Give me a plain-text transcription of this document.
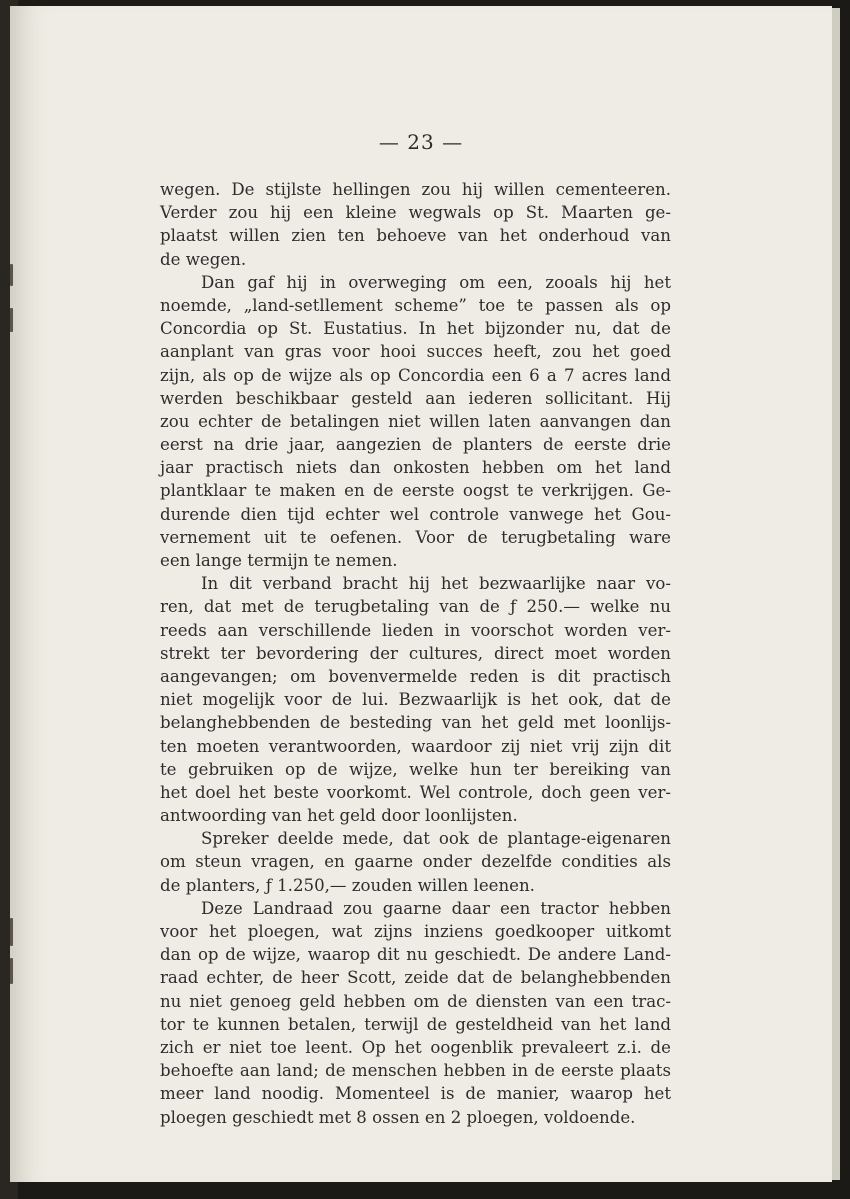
— 23 —
wegen. De stijlste hellingen zou hij willen cementeeren.
Verder zou hij een kleine wegwals op St. Maarten ge-
plaatst willen zien ten behoeve van het onderhoud van
de wegen.
Dan gaf hij in overweging om een, zooals hij het
noemde, „land-setllement scheme” toe te passen als op
Concordia op St. Eustatius. In het bijzonder nu, dat de
aanplant van gras voor hooi succes heeft, zou het goed
zijn, als op de wijze als op Concordia een 6 a 7 acres land
werden beschikbaar gesteld aan iederen sollicitant. Hij
zou echter de betalingen niet willen laten aanvangen dan
eerst na drie jaar, aangezien de planters de eerste drie
jaar practisch niets dan onkosten hebben om het land
plantklaar te maken en de eerste oogst te verkrijgen. Ge-
durende dien tijd echter wel controle vanwege het Gou-
vernement uit te oefenen. Voor de terugbetaling ware
een lange termijn te nemen.
In dit verband bracht hij het bezwaarlijke naar vo-
ren, dat met de terugbetaling van de ƒ 250.— welke nu
reeds aan verschillende lieden in voorschot worden ver-
strekt ter bevordering der cultures, direct moet worden
aangevangen; om bovenvermelde reden is dit practisch
niet mogelijk voor de lui. Bezwaarlijk is het ook, dat de
belanghebbenden de besteding van het geld met loonlijs-
ten moeten verantwoorden, waardoor zij niet vrij zijn dit
te gebruiken op de wijze, welke hun ter bereiking van
het doel het beste voorkomt. Wel controle, doch geen ver-
antwoording van het geld door loonlijsten.
Spreker deelde mede, dat ook de plantage-eigenaren
om steun vragen, en gaarne onder dezelfde condities als
de planters, ƒ 1.250,— zouden willen leenen.
Deze Landraad zou gaarne daar een tractor hebben
voor het ploegen, wat zijns inziens goedkooper uitkomt
dan op de wijze, waarop dit nu geschiedt. De andere Land-
raad echter, de heer Scott, zeide dat de belanghebbenden
nu niet genoeg geld hebben om de diensten van een trac-
tor te kunnen betalen, terwijl de gesteldheid van het land
zich er niet toe leent. Op het oogenblik prevaleert z.i. de
behoefte aan land; de menschen hebben in de eerste plaats
meer land noodig. Momenteel is de manier, waarop het
ploegen geschiedt met 8 ossen en 2 ploegen, voldoende.
